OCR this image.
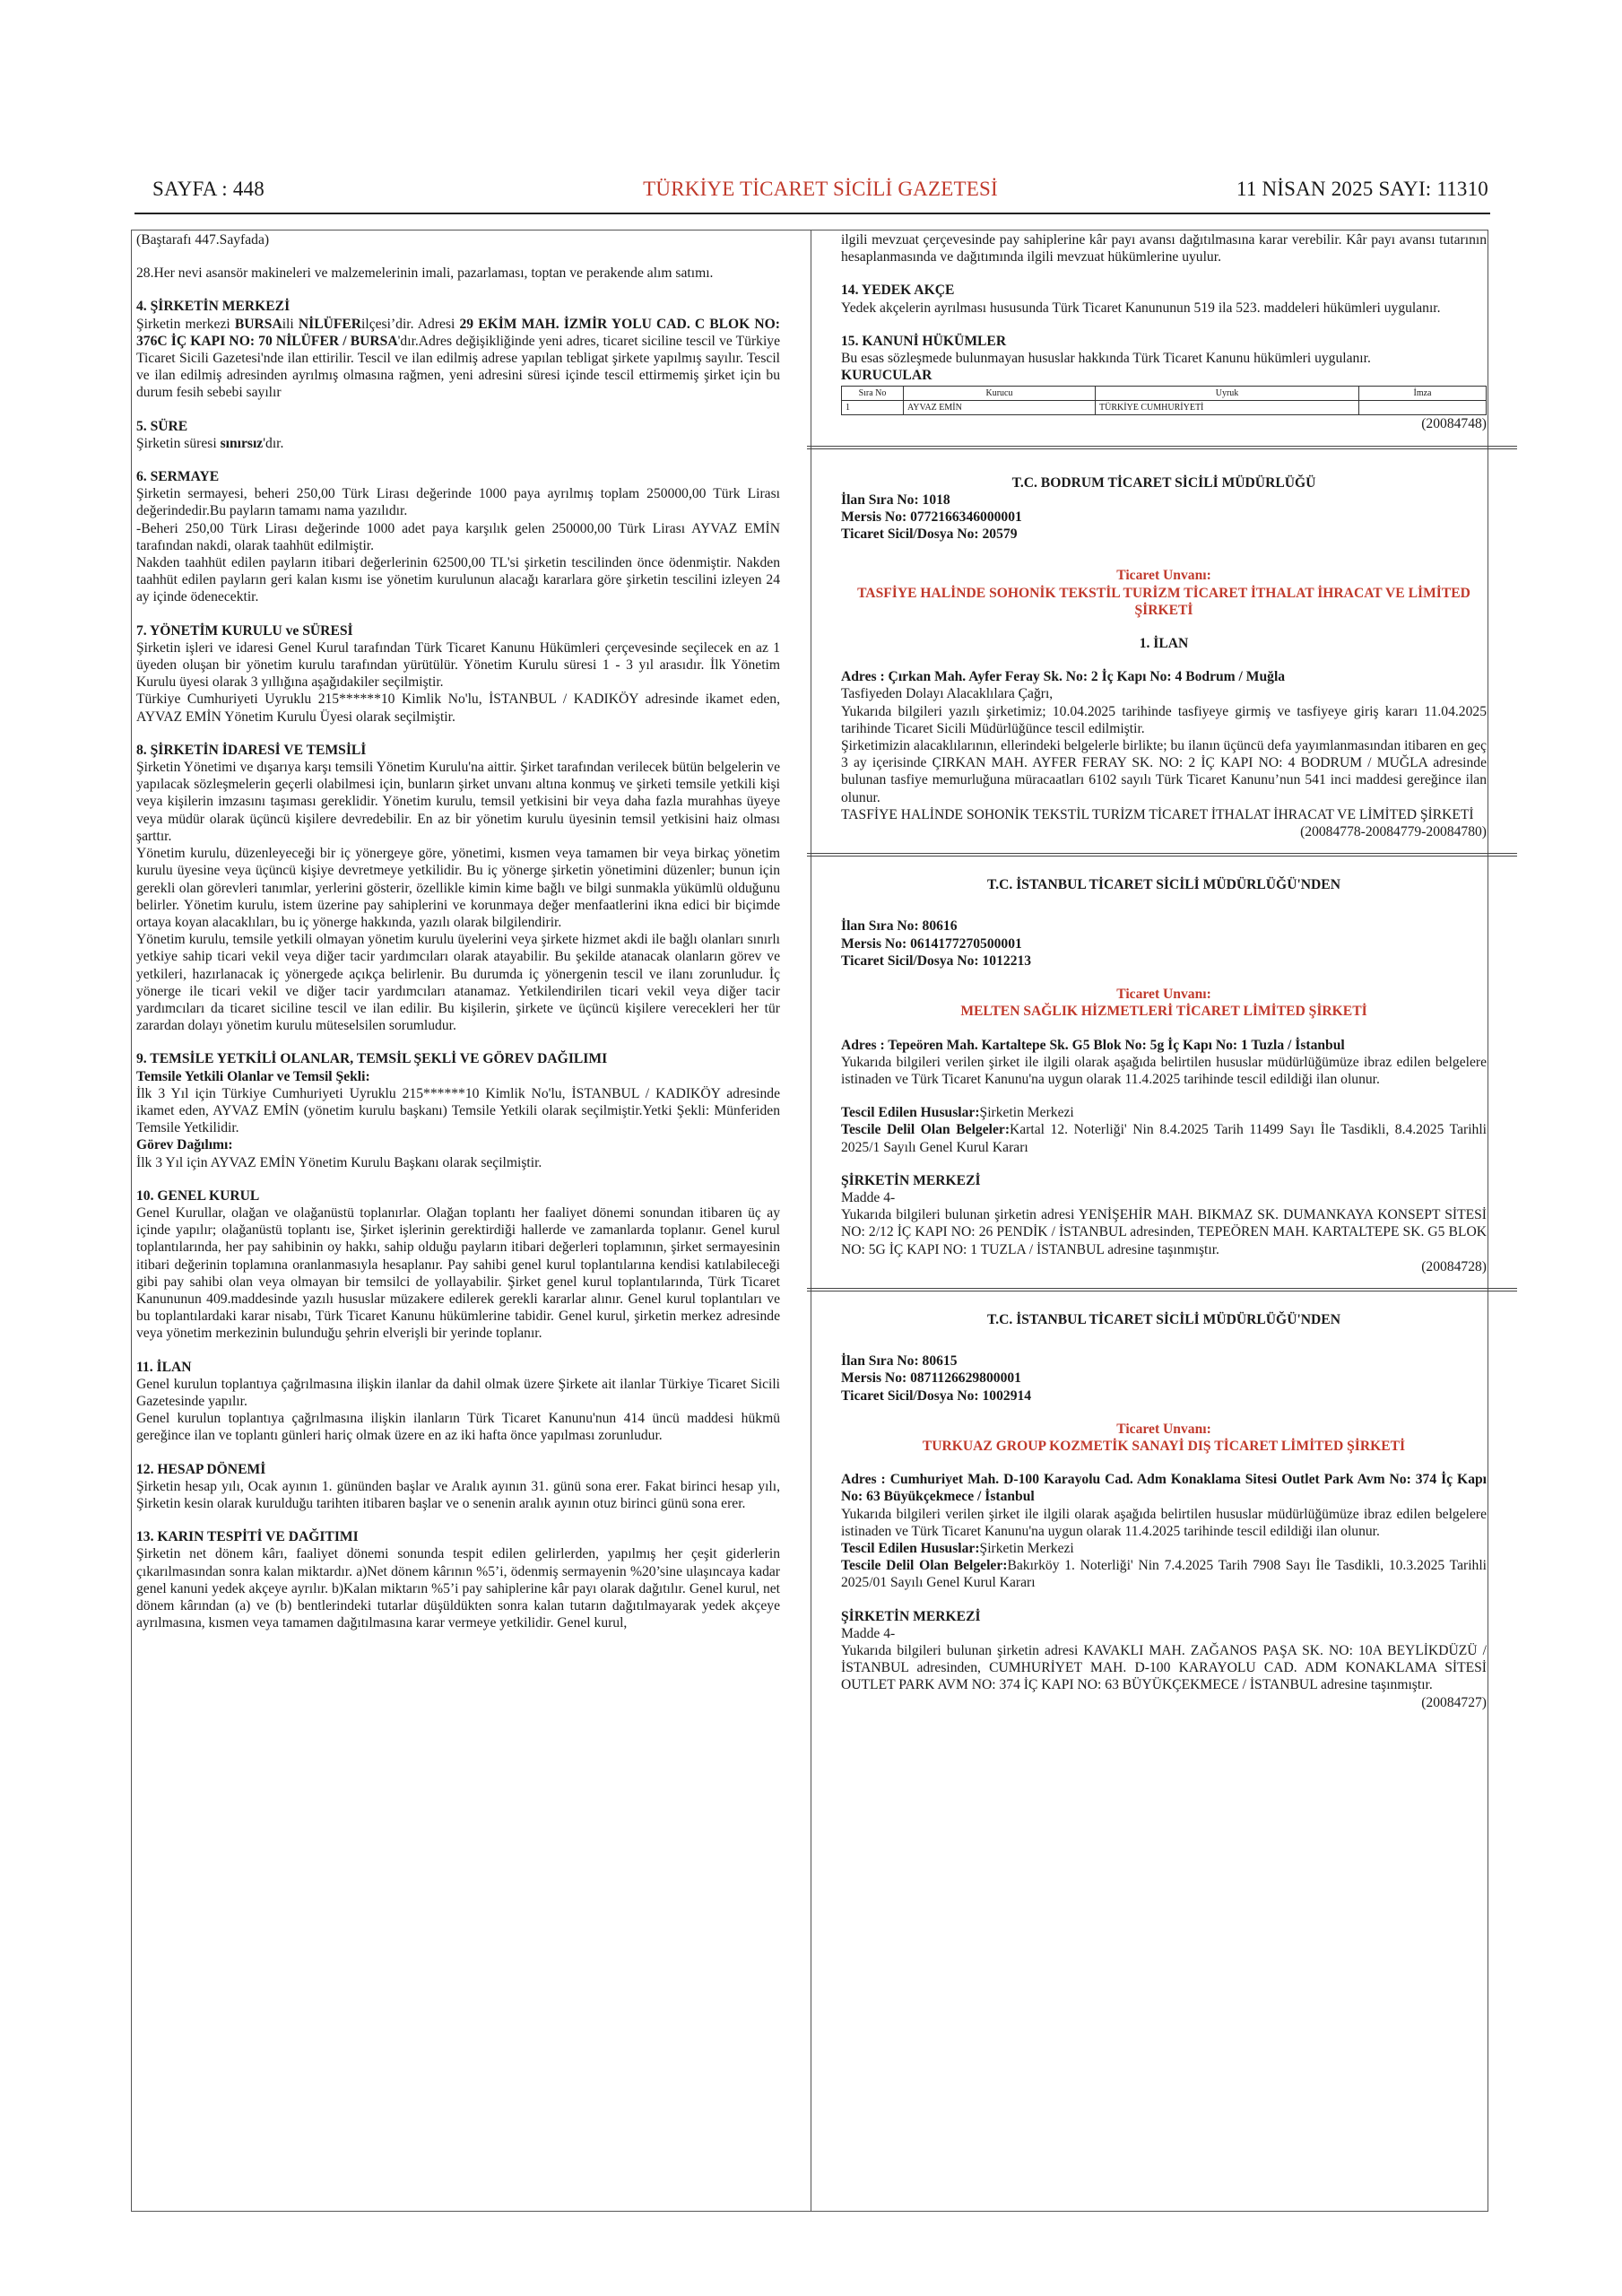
TÜRKİYE TİCARET SİCİLİ GAZETESİ
SAYFA : 448	11 NİSAN 2025 SAYI: 11310

(Baştarafı 447.Sayfada)

28.Her nevi asansör makineleri ve malzemelerinin imali, pazarlaması, toptan ve perakende alım satımı.

4. ŞİRKETİN MERKEZİ

Şirketin merkezi BURSAili NİLÜFERilçesi’dir. Adresi 29 EKİM MAH. İZMİR YOLU CAD. C BLOK NO: 376C İÇ KAPI NO: 70 NİLÜFER / BURSA'dır.Adres değişikliğinde yeni adres, ticaret siciline tescil ve Türkiye Ticaret Sicili Gazetesi'nde ilan ettirilir. Tescil ve ilan edilmiş adrese yapılan tebligat şirkete yapılmış sayılır. Tescil ve ilan edilmiş adresinden ayrılmış olmasına rağmen, yeni adresini süresi içinde tescil ettirmemiş şirket için bu durum fesih sebebi sayılır

5. SÜRE

Şirketin süresi sınırsız'dır.

6. SERMAYE

Şirketin sermayesi, beheri 250,00 Türk Lirası değerinde 1000 paya ayrılmış toplam 250000,00 Türk Lirası değerindedir.Bu payların tamamı nama yazılıdır.

-Beheri 250,00 Türk Lirası değerinde 1000 adet paya karşılık gelen 250000,00 Türk Lirası AYVAZ EMİN tarafından nakdi, olarak taahhüt edilmiştir.

Nakden taahhüt edilen payların itibari değerlerinin 62500,00 TL'si şirketin tescilinden önce ödenmiştir. Nakden taahhüt edilen payların geri kalan kısmı ise yönetim kurulunun alacağı kararlara göre şirketin tescilini izleyen 24 ay içinde ödenecektir.

7. YÖNETİM KURULU ve SÜRESİ

Şirketin işleri ve idaresi Genel Kurul tarafından Türk Ticaret Kanunu Hükümleri çerçevesinde seçilecek en az 1 üyeden oluşan bir yönetim kurulu tarafından yürütülür. Yönetim Kurulu süresi 1 - 3 yıl arasıdır. İlk Yönetim Kurulu üyesi olarak 3 yıllığına aşağıdakiler seçilmiştir.

Türkiye Cumhuriyeti Uyruklu 215******10 Kimlik No'lu, İSTANBUL / KADIKÖY adresinde ikamet eden, AYVAZ EMİN Yönetim Kurulu Üyesi olarak seçilmiştir.

8. ŞİRKETİN İDARESİ VE TEMSİLİ

Şirketin Yönetimi ve dışarıya karşı temsili Yönetim Kurulu'na aittir. Şirket tarafından verilecek bütün belgelerin ve yapılacak sözleşmelerin geçerli olabilmesi için, bunların şirket unvanı altına konmuş ve şirketi temsile yetkili kişi veya kişilerin imzasını taşıması gereklidir. Yönetim kurulu, temsil yetkisini bir veya daha fazla murahhas üyeye veya müdür olarak üçüncü kişilere devredebilir. En az bir yönetim kurulu üyesinin temsil yetkisini haiz olması şarttır.

Yönetim kurulu, düzenleyeceği bir iç yönergeye göre, yönetimi, kısmen veya tamamen bir veya birkaç yönetim kurulu üyesine veya üçüncü kişiye devretmeye yetkilidir. Bu iç yönerge şirketin yönetimini düzenler; bunun için gerekli olan görevleri tanımlar, yerlerini gösterir, özellikle kimin kime bağlı ve bilgi sunmakla yükümlü olduğunu belirler. Yönetim kurulu, istem üzerine pay sahiplerini ve korunmaya değer menfaatlerini ikna edici bir biçimde ortaya koyan alacaklıları, bu iç yönerge hakkında, yazılı olarak bilgilendirir.

Yönetim kurulu, temsile yetkili olmayan yönetim kurulu üyelerini veya şirkete hizmet akdi ile bağlı olanları sınırlı yetkiye sahip ticari vekil veya diğer tacir yardımcıları olarak atayabilir. Bu şekilde atanacak olanların görev ve yetkileri, hazırlanacak iç yönergede açıkça belirlenir. Bu durumda iç yönergenin tescil ve ilanı zorunludur. İç yönerge ile ticari vekil ve diğer tacir yardımcıları atanamaz. Yetkilendirilen ticari vekil veya diğer tacir yardımcıları da ticaret siciline tescil ve ilan edilir. Bu kişilerin, şirkete ve üçüncü kişilere verecekleri her tür zarardan dolayı yönetim kurulu müteselsilen sorumludur.

9. TEMSİLE YETKİLİ OLANLAR, TEMSİL ŞEKLİ VE GÖREV DAĞILIMI

Temsile Yetkili Olanlar ve Temsil Şekli:

İlk 3 Yıl için Türkiye Cumhuriyeti Uyruklu 215******10 Kimlik No'lu, İSTANBUL / KADIKÖY adresinde ikamet eden, AYVAZ EMİN (yönetim kurulu başkanı) Temsile Yetkili olarak seçilmiştir.Yetki Şekli: Münferiden Temsile Yetkilidir.

Görev Dağılımı:

İlk 3 Yıl için AYVAZ EMİN Yönetim Kurulu Başkanı olarak seçilmiştir.

10. GENEL KURUL

Genel Kurullar, olağan ve olağanüstü toplanırlar. Olağan toplantı her faaliyet dönemi sonundan itibaren üç ay içinde yapılır; olağanüstü toplantı ise, Şirket işlerinin gerektirdiği hallerde ve zamanlarda toplanır. Genel kurul toplantılarında, her pay sahibinin oy hakkı, sahip olduğu payların itibari değerleri toplamının, şirket sermayesinin itibari değerinin toplamına oranlanmasıyla hesaplanır. Pay sahibi genel kurul toplantılarına kendisi katılabileceği gibi pay sahibi olan veya olmayan bir temsilci de yollayabilir. Şirket genel kurul toplantılarında, Türk Ticaret Kanununun 409.maddesinde yazılı hususlar müzakere edilerek gerekli kararlar alınır. Genel kurul toplantıları ve bu toplantılardaki karar nisabı, Türk Ticaret Kanunu hükümlerine tabidir. Genel kurul, şirketin merkez adresinde veya yönetim merkezinin bulunduğu şehrin elverişli bir yerinde toplanır.

11. İLAN

Genel kurulun toplantıya çağrılmasına ilişkin ilanlar da dahil olmak üzere Şirkete ait ilanlar Türkiye Ticaret Sicili Gazetesinde yapılır.

Genel kurulun toplantıya çağrılmasına ilişkin ilanların Türk Ticaret Kanunu'nun 414 üncü maddesi hükmü gereğince ilan ve toplantı günleri hariç olmak üzere en az iki hafta önce yapılması zorunludur.

12. HESAP DÖNEMİ

Şirketin hesap yılı, Ocak ayının 1. gününden başlar ve Aralık ayının 31. günü sona erer. Fakat birinci hesap yılı, Şirketin kesin olarak kurulduğu tarihten itibaren başlar ve o senenin aralık ayının otuz birinci günü sona erer.

13. KARIN TESPİTİ VE DAĞITIMI

Şirketin net dönem kârı, faaliyet dönemi sonunda tespit edilen gelirlerden, yapılmış her çeşit giderlerin çıkarılmasından sonra kalan miktardır. a)Net dönem kârının %5’i, ödenmiş sermayenin %20’sine ulaşıncaya kadar genel kanuni yedek akçeye ayrılır. b)Kalan miktarın %5’i pay sahiplerine kâr payı olarak dağıtılır. Genel kurul, net dönem kârından (a) ve (b) bentlerindeki tutarlar düşüldükten sonra kalan tutarın dağıtılmayarak yedek akçeye ayrılmasına, kısmen veya tamamen dağıtılmasına karar vermeye yetkilidir. Genel kurul,

ilgili mevzuat çerçevesinde pay sahiplerine kâr payı avansı dağıtılmasına karar verebilir. Kâr payı avansı tutarının hesaplanmasında ve dağıtımında ilgili mevzuat hükümlerine uyulur.

14. YEDEK AKÇE

Yedek akçelerin ayrılması hususunda Türk Ticaret Kanununun 519 ila 523. maddeleri hükümleri uygulanır.

15. KANUNİ HÜKÜMLER

Bu esas sözleşmede bulunmayan hususlar hakkında Türk Ticaret Kanunu hükümleri uygulanır.

KURUCULAR

Sıra No	Kurucu	Uyruk	İmza
1	AYVAZ EMİN	TÜRKİYE CUMHURİYETİ	

(20084748)

T.C. BODRUM TİCARET SİCİLİ MÜDÜRLÜĞÜ

İlan Sıra No: 1018

Mersis No: 0772166346000001

Ticaret Sicil/Dosya No: 20579

Ticaret Unvanı:

TASFİYE HALİNDE SOHONİK TEKSTİL TURİZM TİCARET İTHALAT İHRACAT VE LİMİTED ŞİRKETİ

1. İLAN

Adres : Çırkan Mah. Ayfer Feray Sk. No: 2 İç Kapı No: 4 Bodrum / Muğla

Tasfiyeden Dolayı Alacaklılara Çağrı,

Yukarıda bilgileri yazılı şirketimiz; 10.04.2025 tarihinde tasfiyeye girmiş ve tasfiyeye giriş kararı 11.04.2025 tarihinde Ticaret Sicili Müdürlüğünce tescil edilmiştir.

Şirketimizin alacaklılarının, ellerindeki belgelerle birlikte; bu ilanın üçüncü defa yayımlanmasından itibaren en geç 3 ay içerisinde ÇIRKAN MAH. AYFER FERAY SK. NO: 2 İÇ KAPI NO: 4 BODRUM / MUĞLA adresinde bulunan tasfiye memurluğuna müracaatları 6102 sayılı Türk Ticaret Kanunu’nun 541 inci maddesi gereğince ilan olunur.

TASFİYE HALİNDE SOHONİK TEKSTİL TURİZM TİCARET İTHALAT İHRACAT VE LİMİTED ŞİRKETİ

(20084778-20084779-20084780)

T.C. İSTANBUL TİCARET SİCİLİ MÜDÜRLÜĞÜ'NDEN

İlan Sıra No: 80616

Mersis No: 0614177270500001

Ticaret Sicil/Dosya No: 1012213

Ticaret Unvanı:

MELTEN SAĞLIK HİZMETLERİ TİCARET LİMİTED ŞİRKETİ

Adres : Tepeören Mah. Kartaltepe Sk. G5 Blok No: 5g İç Kapı No: 1 Tuzla / İstanbul

Yukarıda bilgileri verilen şirket ile ilgili olarak aşağıda belirtilen hususlar müdürlüğümüze ibraz edilen belgelere istinaden ve Türk Ticaret Kanunu'na uygun olarak 11.4.2025 tarihinde tescil edildiği ilan olunur.

Tescil Edilen Hususlar:Şirketin Merkezi

Tescile Delil Olan Belgeler:Kartal 12. Noterliği' Nin 8.4.2025 Tarih 11499 Sayı İle Tasdikli, 8.4.2025 Tarihli 2025/1 Sayılı Genel Kurul Kararı

ŞİRKETİN MERKEZİ

Madde 4-

Yukarıda bilgileri bulunan şirketin adresi YENİŞEHİR MAH. BIKMAZ SK. DUMANKAYA KONSEPT SİTESİ NO: 2/12 İÇ KAPI NO: 26 PENDİK / İSTANBUL adresinden, TEPEÖREN MAH. KARTALTEPE SK. G5 BLOK NO: 5G İÇ KAPI NO: 1 TUZLA / İSTANBUL adresine taşınmıştır.

(20084728)

T.C. İSTANBUL TİCARET SİCİLİ MÜDÜRLÜĞÜ'NDEN

İlan Sıra No: 80615

Mersis No: 0871126629800001

Ticaret Sicil/Dosya No: 1002914

Ticaret Unvanı:

TURKUAZ GROUP KOZMETİK SANAYİ DIŞ TİCARET LİMİTED ŞİRKETİ

Adres : Cumhuriyet Mah. D-100 Karayolu Cad. Adm Konaklama Sitesi Outlet Park Avm No: 374 İç Kapı No: 63 Büyükçekmece / İstanbul

Yukarıda bilgileri verilen şirket ile ilgili olarak aşağıda belirtilen hususlar müdürlüğümüze ibraz edilen belgelere istinaden ve Türk Ticaret Kanunu'na uygun olarak 11.4.2025 tarihinde tescil edildiği ilan olunur.

Tescil Edilen Hususlar:Şirketin Merkezi

Tescile Delil Olan Belgeler:Bakırköy 1. Noterliği' Nin 7.4.2025 Tarih 7908 Sayı İle Tasdikli, 10.3.2025 Tarihli 2025/01 Sayılı Genel Kurul Kararı

ŞİRKETİN MERKEZİ

Madde 4-

Yukarıda bilgileri bulunan şirketin adresi KAVAKLI MAH. ZAĞANOS PAŞA SK. NO: 10A BEYLİKDÜZÜ / İSTANBUL adresinden, CUMHURİYET MAH. D-100 KARAYOLU CAD. ADM KONAKLAMA SİTESİ OUTLET PARK AVM NO: 374 İÇ KAPI NO: 63 BÜYÜKÇEKMECE / İSTANBUL adresine taşınmıştır.

(20084727)
